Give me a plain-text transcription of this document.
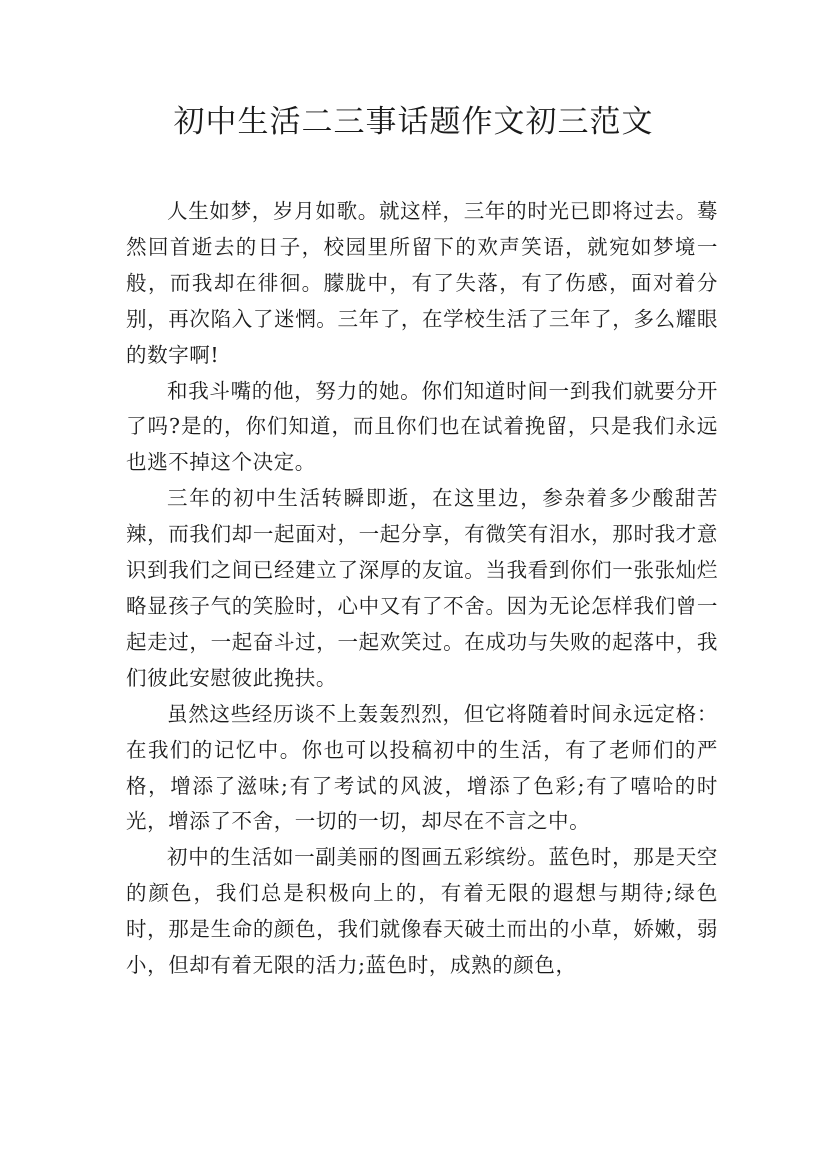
初中生活二三事话题作文初三范文

人生如梦，岁月如歌。就这样，三年的时光已即将过去。蓦然回首逝去的日子，校园里所留下的欢声笑语，就宛如梦境一般，而我却在徘徊。朦胧中，有了失落，有了伤感，面对着分别，再次陷入了迷惘。三年了，在学校生活了三年了，多么耀眼的数字啊!

和我斗嘴的他，努力的她。你们知道时间一到我们就要分开了吗?是的，你们知道，而且你们也在试着挽留，只是我们永远也逃不掉这个决定。

三年的初中生活转瞬即逝，在这里边，参杂着多少酸甜苦辣，而我们却一起面对，一起分享，有微笑有泪水，那时我才意识到我们之间已经建立了深厚的友谊。当我看到你们一张张灿烂略显孩子气的笑脸时，心中又有了不舍。因为无论怎样我们曾一起走过，一起奋斗过，一起欢笑过。在成功与失败的起落中，我们彼此安慰彼此挽扶。

虽然这些经历谈不上轰轰烈烈，但它将随着时间永远定格：在我们的记忆中。你也可以投稿初中的生活，有了老师们的严格，增添了滋味;有了考试的风波，增添了色彩;有了嘻哈的时光，增添了不舍，一切的一切，却尽在不言之中。

初中的生活如一副美丽的图画五彩缤纷。蓝色时，那是天空的颜色，我们总是积极向上的，有着无限的遐想与期待;绿色时，那是生命的颜色，我们就像春天破土而出的小草，娇嫩，弱小，但却有着无限的活力;蓝色时，成熟的颜色，
